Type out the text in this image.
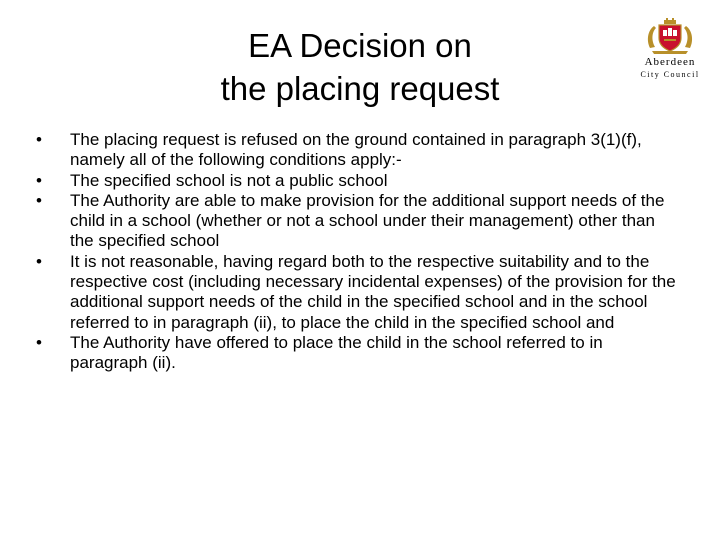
EA Decision on
the placing request
Aberdeen
City Council
•	The placing request is refused on the ground contained in paragraph 3(1)(f), namely all of the following conditions apply:-
•	The specified school is not a public school
•	The Authority are able to make provision for the additional support needs of the child in a school (whether or not a school under their management) other than the specified school
•	It is not reasonable, having regard both to the respective suitability and to the respective cost (including necessary incidental expenses) of the provision for the additional support needs of the child in the specified school and in the school referred to in paragraph (ii), to place the child in the specified school and
•	The Authority have offered to place the child in the school referred to in paragraph (ii).
